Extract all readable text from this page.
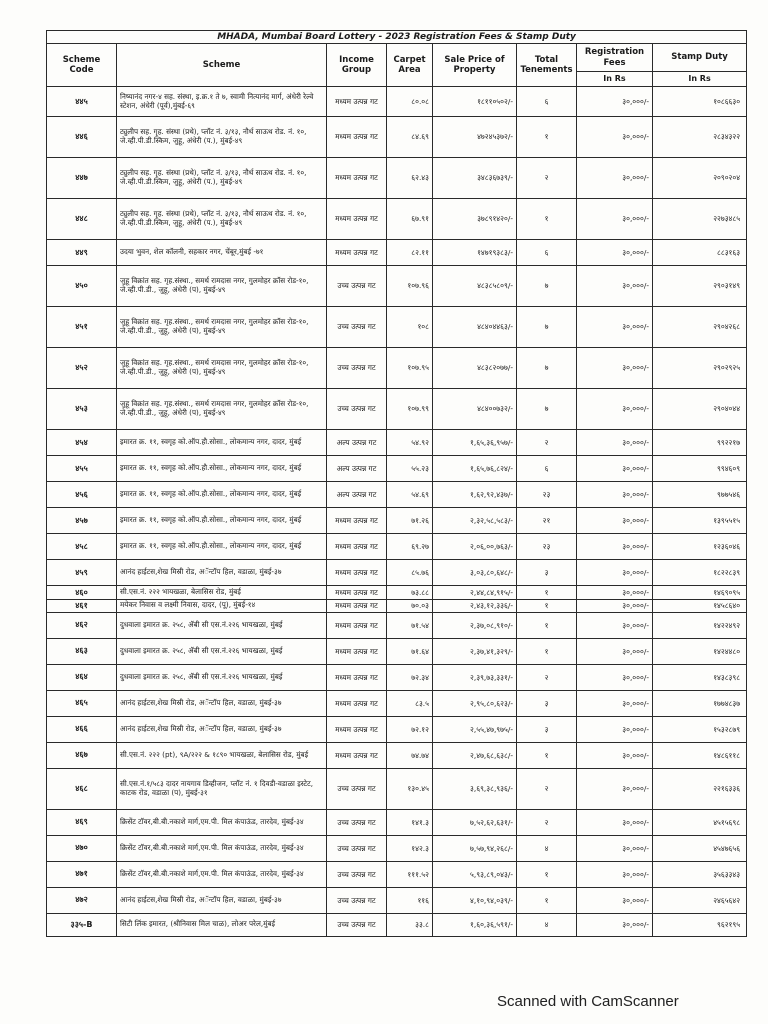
MHADA, Mumbai Board Lottery - 2023 Registration Fees & Stamp Duty							
Scheme Code	Scheme	Income Group	Carpet Area	Sale Price of Property	Total Tenements	Registration Fees	Stamp Duty
						In Rs	In Rs
४४५	निष्यानंद नगर-४ सह. संस्था, इ.क्र.१ ते ७, स्वामी नित्यानंद मार्ग, अंधेरी रेल्वे स्टेशन, अंधेरी (पूर्व),मुंबई-६९	मध्यम उत्पन्न गट	८०.०८	१८११०५०२/-	६	३०,०००/-	१०८६६३०
४४६	ट्युलीप सह. गृह. संस्था (प्रथे), प्लॉट नं. ३/१३, नौर्थ साऊथ रोड. नं. १०, जे.व्ही.पी.डी.स्किम, जुहू, अंधेरी (प.), मुंबई-४९	मध्यम उत्पन्न गट	८४.६९	४७२४५३७२/-	१	३०,०००/-	२८३४३२२
४४७	ट्युलीप सह. गृह. संस्था (प्रथे), प्लॉट नं. ३/१३, नौर्थ साऊथ रोड. नं. १०, जे.व्ही.पी.डी.स्किम, जुहू, अंधेरी (प.), मुंबई-४९	मध्यम उत्पन्न गट	६२.४३	३४८३६७३९/-	२	३०,०००/-	२०९०२०४
४४८	ट्युलीप सह. गृह. संस्था (प्रथे), प्लॉट नं. ३/१३, नौर्थ साऊथ रोड. नं. १०, जे.व्ही.पी.डी.स्किम, जुहू, अंधेरी (प.), मुंबई-४९	मध्यम उत्पन्न गट	६७.९१	३७८९१४२०/-	१	३०,०००/-	२२७३४८५
४४९	उदया भुवन, शेल कॉलनी, सहकार नगर, चेंबूर,मुंबई -७१	मध्यम उत्पन्न गट	८२.११	१४७१९३८३/-	६	३०,०००/-	८८३१६३
४५०	जुहू विक्रांत सह. गृह.संस्था., समर्थ रामदास नगर, गुलमोहर क्रॉस रोड-१०, जे.व्ही.पी.डी., जुहू, अंधेरी (प), मुंबई-४९	उच्च उत्पन्न गट	१०७.९६	४८३८५८०९/-	७	३०,०००/-	२९०३१४९
४५१	जुहू विक्रांत सह. गृह.संस्था., समर्थ रामदास नगर, गुलमोहर क्रॉस रोड-१०, जे.व्ही.पी.डी., जुहू, अंधेरी (प), मुंबई-४९	उच्च उत्पन्न गट	१०८	४८४०४४६३/-	७	३०,०००/-	२९०४२६८
४५२	जुहू विक्रांत सह. गृह.संस्था., समर्थ रामदास नगर, गुलमोहर क्रॉस रोड-१०, जे.व्ही.पी.डी., जुहू, अंधेरी (प), मुंबई-४९	उच्च उत्पन्न गट	१०७.९५	४८३८२०७७/-	७	३०,०००/-	२९०२९२५
४५३	जुहू विक्रांत सह. गृह.संस्था., समर्थ रामदास नगर, गुलमोहर क्रॉस रोड-१०, जे.व्ही.पी.डी., जुहू, अंधेरी (प), मुंबई-४९	उच्च उत्पन्न गट	१०७.९९	४८४००७३२/-	७	३०,०००/-	२९०४०४४
४५४	इमारत क्र. ११, स्वगृह को.ऑप.हौ.सोसा., लोकमान्य नगर, दादर, मुंबई	अल्प उत्पन्न गट	५४.९२	१,६५,३६,९५७/-	२	३०,०००/-	९९२२१७
४५५	इमारत क्र. ११, स्वगृह को.ऑप.हौ.सोसा., लोकमान्य नगर, दादर, मुंबई	अल्प उत्पन्न गट	५५.२३	१,६५,७६,८२४/-	६	३०,०००/-	९९४६०९
४५६	इमारत क्र. ११, स्वगृह को.ऑप.हौ.सोसा., लोकमान्य नगर, दादर, मुंबई	अल्प उत्पन्न गट	५४.६९	१,६२,९२,४३७/-	२३	३०,०००/-	९७७५४६
४५७	इमारत क्र. ११, स्वगृह को.ऑप.हौ.सोसा., लोकमान्य नगर, दादर, मुंबई	मध्यम उत्पन्न गट	७१.२६	२,३२,५८,५८३/-	२१	३०,०००/-	१३९५५१५
४५८	इमारत क्र. ११, स्वगृह को.ऑप.हौ.सोसा., लोकमान्य नगर, दादर, मुंबई	मध्यम उत्पन्न गट	६९.२७	२,०६,००,७६३/-	२३	३०,०००/-	१२३६०४६
४५९	आनंद हाईटस,शेख मिस्री रोड, अॅन्टॉप हिल, वडाळा, मुंबई-३७	मध्यम उत्पन्न गट	८५.७६	३,०३,८०,६४८/-	३	३०,०००/-	१८२२८३९
४६०	सी.एस.नं. २२२ भायखळा, बेलासिस रोड, मुंबई	मध्यम उत्पन्न गट	७३.८८	२,४४,८४,९१५/-	१	३०,०००/-	१४६९०९५
४६१	मयेकर निवास व लक्ष्मी निवास, दादर, (पू), मुंबई-१४	मध्यम उत्पन्न गट	७०.०३	२,४३,१२,३३६/-	१	३०,०००/-	१४५८६४०
४६२	दुधवाला इमारत क्र. २५८, ॲबी सी एस.नं.२२६ भायखळा, मुंबई	मध्यम उत्पन्न गट	७१.५४	२,३७,०८,९१०/-	१	३०,०००/-	१४२२४९२
४६३	दुधवाला इमारत क्र. २५८, ॲबी सी एस.नं.२२६ भायखळा, मुंबई	मध्यम उत्पन्न गट	७१.६४	२,३७,४१,३२९/-	१	३०,०००/-	१४२४४८०
४६४	दुधवाला इमारत क्र. २५८, ॲबी सी एस.नं.२२६ भायखळा, मुंबई	मध्यम उत्पन्न गट	७२.३४	२,३९,७३,३३१/-	२	३०,०००/-	१४३८३९८
४६५	आनंद हाईटस,शेख मिस्री रोड, अॅन्टॉप हिल, वडाळा, मुंबई-३७	मध्यम उत्पन्न गट	८३.५	२,९५,८०,६२३/-	३	३०,०००/-	१७७४८३७
४६६	आनंद हाईटस,शेख मिस्री रोड, अॅन्टॉप हिल, वडाळा, मुंबई-३७	मध्यम उत्पन्न गट	७२.१२	२,५५,४७,९७५/-	३	३०,०००/-	१५३२८७९
४६७	सी.एस.नं. २२२ (pt), ९A/२२२ & १८९० भायखळा, बेलासिस रोड, मुंबई	मध्यम उत्पन्न गट	७४.७४	२,४७,६८,६३८/-	१	३०,०००/-	१४८६११८
४६८	सी.एस.नं.१/५८३ दादर नायगाव डिव्हीजन, प्लॉट नं. १ दिवडी-वडाळा इस्टेट, काटक रोड, वडाळा (प), मुंबई-३१	उच्च उत्पन्न गट	१३०.४५	३,६९,३८,९३६/-	२	३०,०००/-	२२१६३३६
४६९	क्रिसेंट टॉवर,बी.बी.नकाशे मार्ग,एम.पी. मिल कंपाऊंड, तारदेव, मुंबई-३४	उच्च उत्पन्न गट	१४१.३	७,५२,६२,६३१/-	२	३०,०००/-	४५१५६९८
४७०	क्रिसेंट टॉवर,बी.बी.नकाशे मार्ग,एम.पी. मिल कंपाऊंड, तारदेव, मुंबई-३४	उच्च उत्पन्न गट	१४२.३	७,५७,९४,२६८/-	४	३०,०००/-	४५४७६५६
४७१	क्रिसेंट टॉवर,बी.बी.नकाशे मार्ग,एम.पी. मिल कंपाऊंड, तारदेव, मुंबई-३४	उच्च उत्पन्न गट	१११.५२	५,९३,८९,०४३/-	१	३०,०००/-	३५६३३४३
४७२	आनंद हाईटस,शेख मिस्री रोड, अॅन्टॉप हिल, वडाळा, मुंबई-३७	उच्च उत्पन्न गट	११६	४,१०,९४,०३९/-	१	३०,०००/-	२४६५६४२
३३५-B	सिटी लिंक इमारत, (श्रीनिवास मिल चाळ), लोअर परेल,मुंबई	उच्च उत्पन्न गट	३३.८	१,६०,३६,५९१/-	४	३०,०००/-	९६२१९५
Scanned with CamScanner
